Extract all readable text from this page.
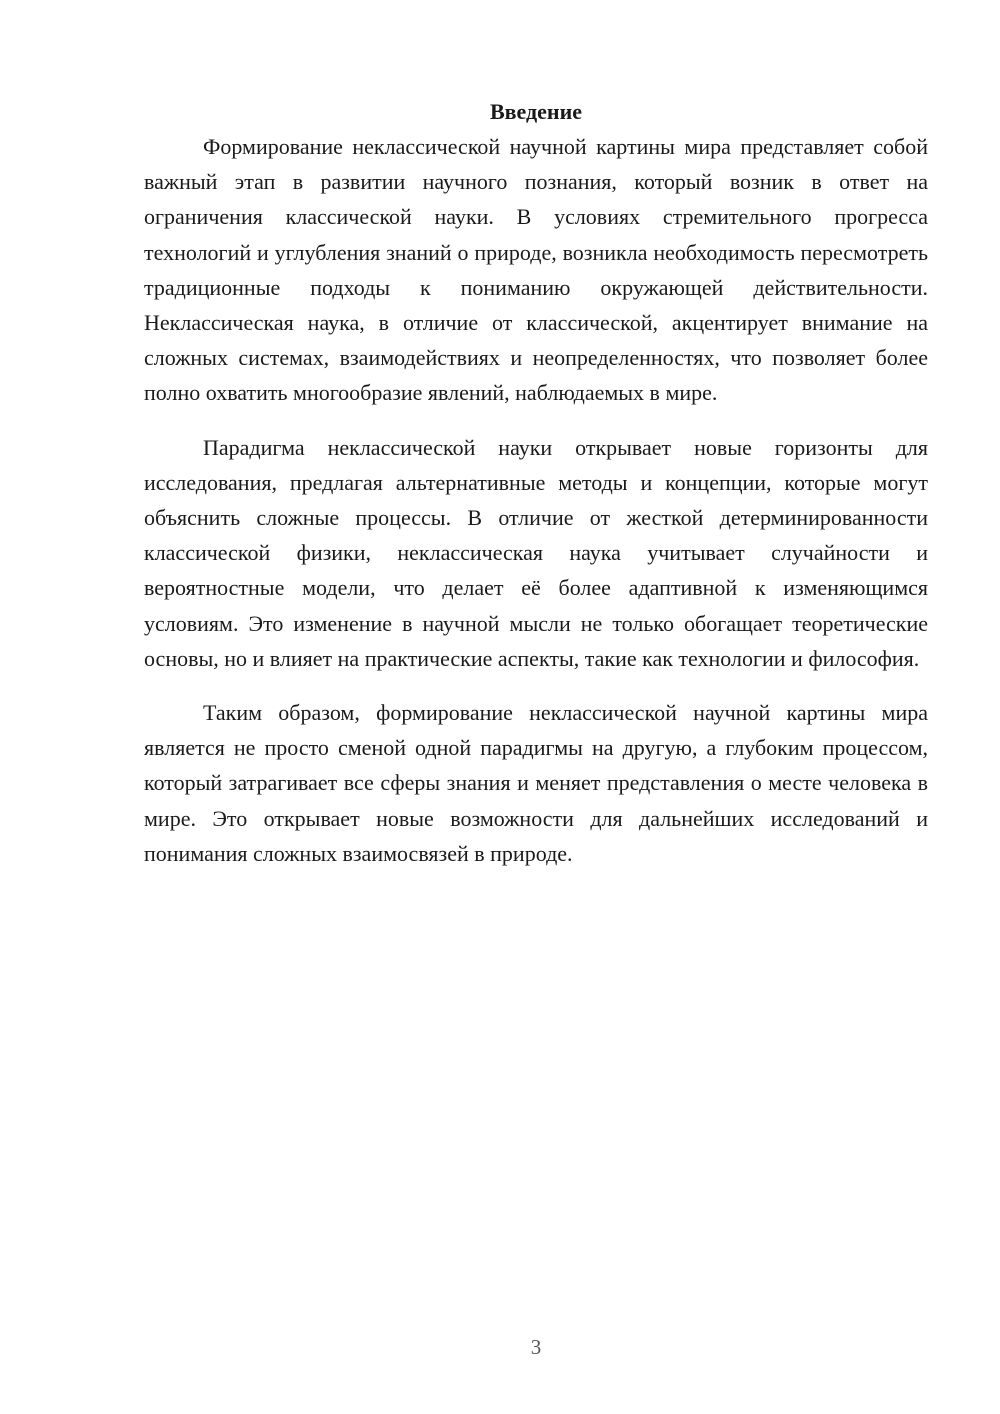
Введение

Формирование неклассической научной картины мира представляет собой важный этап в развитии научного познания, который возник в ответ на ограничения классической науки. В условиях стремительного прогресса технологий и углубления знаний о природе, возникла необходимость пересмотреть традиционные подходы к пониманию окружающей действительности. Неклассическая наука, в отличие от классической, акцентирует внимание на сложных системах, взаимодействиях и неопределенностях, что позволяет более полно охватить многообразие явлений, наблюдаемых в мире.

Парадигма неклассической науки открывает новые горизонты для исследования, предлагая альтернативные методы и концепции, которые могут объяснить сложные процессы. В отличие от жесткой детерминированности классической физики, неклассическая наука учитывает случайности и вероятностные модели, что делает её более адаптивной к изменяющимся условиям. Это изменение в научной мысли не только обогащает теоретические основы, но и влияет на практические аспекты, такие как технологии и философия.

Таким образом, формирование неклассической научной картины мира является не просто сменой одной парадигмы на другую, а глубоким процессом, который затрагивает все сферы знания и меняет представления о месте человека в мире. Это открывает новые возможности для дальнейших исследований и понимания сложных взаимосвязей в природе.

3
